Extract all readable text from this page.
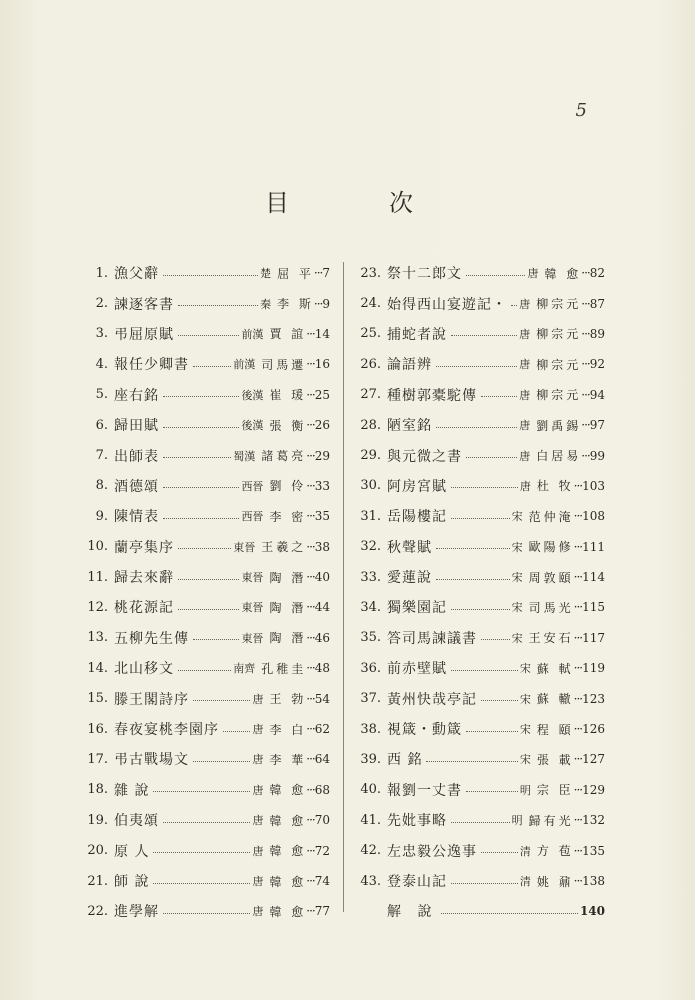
5
目	次
1. 漁父辭	楚 屈 平 ··· 7
2. 諫逐客書	秦 李 斯 ··· 9
3. 弔屈原賦	前漢 賈 誼 ··· 14
4. 報任少卿書	前漢 司馬遷 ··· 16
5. 座右銘	後漢 崔 瑗 ··· 25
6. 歸田賦	後漢 張 衡 ··· 26
7. 出師表	蜀漢 諸葛亮 ··· 29
8. 酒德頌	西晉 劉 伶 ··· 33
9. 陳情表	西晉 李 密 ··· 35
10. 蘭亭集序	東晉 王羲之 ··· 38
11. 歸去來辭	東晉 陶 潛 ··· 40
12. 桃花源記	東晉 陶 潛 ··· 44
13. 五柳先生傳	東晉 陶 潛 ··· 46
14. 北山移文	南齊 孔稚圭 ··· 48
15. 滕王閣詩序	唐 王 勃 ··· 54
16. 春夜宴桃李園序	唐 李 白 ··· 62
17. 弔古戰場文	唐 李 華 ··· 64
18. 雜 說	唐 韓 愈 ··· 68
19. 伯夷頌	唐 韓 愈 ··· 70
20. 原 人	唐 韓 愈 ··· 72
21. 師 說	唐 韓 愈 ··· 74
22. 進學解	唐 韓 愈 ··· 77
23. 祭十二郎文	唐 韓 愈 ··· 82
24. 始得西山宴遊記・ 唐 柳宗元 ··· 87
25. 捕蛇者說	唐 柳宗元 ··· 89
26. 論語辨	唐 柳宗元 ··· 92
27. 種樹郭橐駝傳	唐 柳宗元 ··· 94
28. 陋室銘	唐 劉禹錫 ··· 97
29. 與元微之書	唐 白居易 ··· 99
30. 阿房宮賦	唐 杜 牧 ··· 103
31. 岳陽樓記	宋 范仲淹 ··· 108
32. 秋聲賦	宋 歐陽修 ··· 111
33. 愛蓮說	宋 周敦頤 ··· 114
34. 獨樂園記	宋 司馬光 ··· 115
35. 答司馬諫議書	宋 王安石 ··· 117
36. 前赤壁賦	宋 蘇 軾 ··· 119
37. 黃州快哉亭記	宋 蘇 轍 ··· 123
38. 視箴・動箴	宋 程 頤 ··· 126
39. 西 銘	宋 張 載 ··· 127
40. 報劉一丈書	明 宗 臣 ··· 129
41. 先妣事略	明 歸有光 ··· 132
42. 左忠毅公逸事	清 方 苞 ··· 135
43. 登泰山記	清 姚 鼐 ··· 138
解 說	140
